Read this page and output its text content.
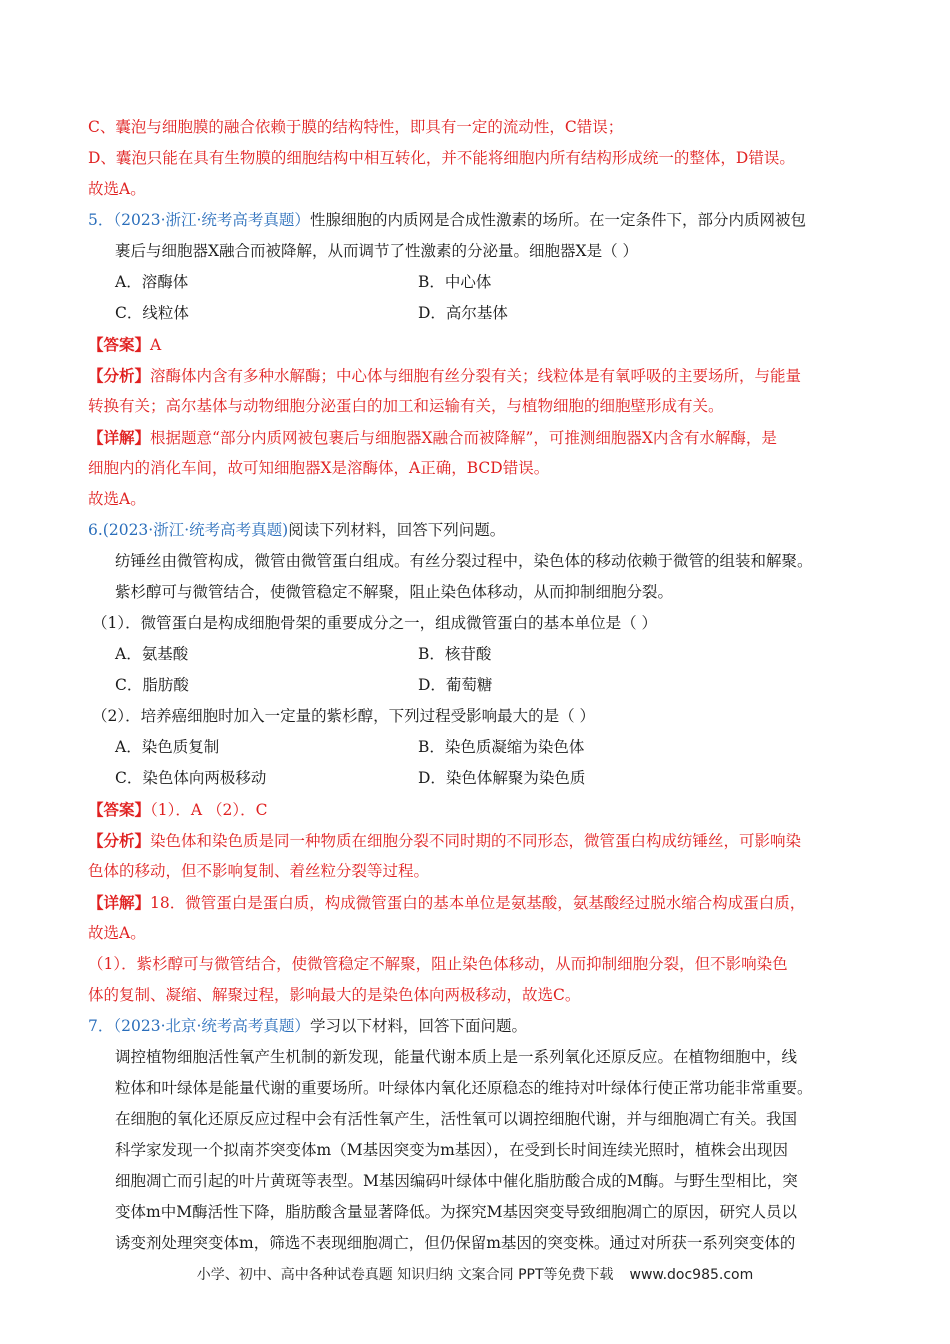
C、囊泡与细胞膜的融合依赖于膜的结构特性，即具有一定的流动性，C错误；
D、囊泡只能在具有生物膜的细胞结构中相互转化，并不能将细胞内所有结构形成统一的整体，D错误。
故选A。
5．（2023·浙江·统考高考真题）性腺细胞的内质网是合成性激素的场所。在一定条件下，部分内质网被包
裹后与细胞器X融合而被降解，从而调节了性激素的分泌量。细胞器X是（ ）
A．溶酶体	B．中心体
C．线粒体	D．高尔基体
【答案】A
【分析】溶酶体内含有多种水解酶；中心体与细胞有丝分裂有关；线粒体是有氧呼吸的主要场所，与能量
转换有关；高尔基体与动物细胞分泌蛋白的加工和运输有关，与植物细胞的细胞壁形成有关。
【详解】根据题意“部分内质网被包裹后与细胞器X融合而被降解”，可推测细胞器X内含有水解酶，是
细胞内的消化车间，故可知细胞器X是溶酶体，A正确，BCD错误。
故选A。
6.(2023·浙江·统考高考真题)阅读下列材料，回答下列问题。
纺锤丝由微管构成，微管由微管蛋白组成。有丝分裂过程中，染色体的移动依赖于微管的组装和解聚。
紫杉醇可与微管结合，使微管稳定不解聚，阻止染色体移动，从而抑制细胞分裂。
（1）．微管蛋白是构成细胞骨架的重要成分之一，组成微管蛋白的基本单位是（ ）
A．氨基酸	B．核苷酸
C．脂肪酸	D．葡萄糖
（2）．培养癌细胞时加入一定量的紫杉醇，下列过程受影响最大的是（ ）
A．染色质复制	B．染色质凝缩为染色体
C．染色体向两极移动	D．染色体解聚为染色质
【答案】（1）．A （2）．C
【分析】染色体和染色质是同一种物质在细胞分裂不同时期的不同形态，微管蛋白构成纺锤丝，可影响染
色体的移动，但不影响复制、着丝粒分裂等过程。
【详解】18．微管蛋白是蛋白质，构成微管蛋白的基本单位是氨基酸，氨基酸经过脱水缩合构成蛋白质，
故选A。
（1）．紫杉醇可与微管结合，使微管稳定不解聚，阻止染色体移动，从而抑制细胞分裂，但不影响染色
体的复制、凝缩、解聚过程，影响最大的是染色体向两极移动，故选C。
7．（2023·北京·统考高考真题）学习以下材料，回答下面问题。
调控植物细胞活性氧产生机制的新发现，能量代谢本质上是一系列氧化还原反应。在植物细胞中，线
粒体和叶绿体是能量代谢的重要场所。叶绿体内氧化还原稳态的维持对叶绿体行使正常功能非常重要。
在细胞的氧化还原反应过程中会有活性氧产生，活性氧可以调控细胞代谢，并与细胞凋亡有关。我国
科学家发现一个拟南芥突变体m（M基因突变为m基因），在受到长时间连续光照时，植株会出现因
细胞凋亡而引起的叶片黄斑等表型。M基因编码叶绿体中催化脂肪酸合成的M酶。与野生型相比，突
变体m中M酶活性下降，脂肪酸含量显著降低。为探究M基因突变导致细胞凋亡的原因，研究人员以
诱变剂处理突变体m，筛选不表现细胞凋亡，但仍保留m基因的突变株。通过对所获一系列突变体的
小学、初中、高中各种试卷真题 知识归纳 文案合同 PPT等免费下载 www.doc985.com
